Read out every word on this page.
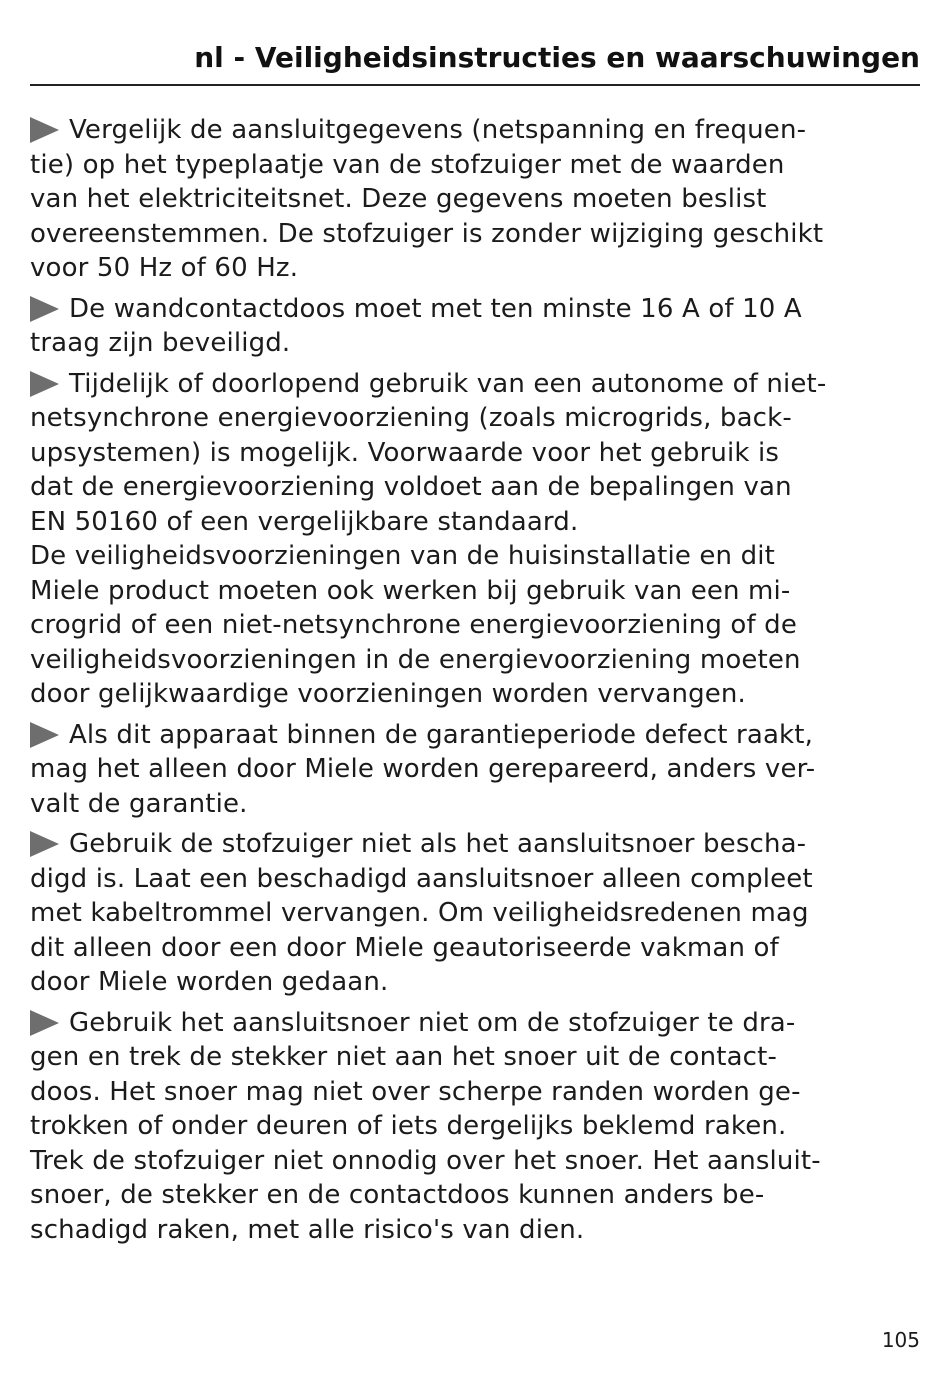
nl - Veiligheidsinstructies en waarschuwingen
Vergelijk de aansluitgegevens (netspanning en frequen-
tie) op het typeplaatje van de stofzuiger met de waarden
van het elektriciteitsnet. Deze gegevens moeten beslist
overeenstemmen. De stofzuiger is zonder wijziging geschikt
voor 50 Hz of 60 Hz.
De wandcontactdoos moet met ten minste 16 A of 10 A
traag zijn beveiligd.
Tijdelijk of doorlopend gebruik van een autonome of niet-
netsynchrone energievoorziening (zoals microgrids, back-
upsystemen) is mogelijk. Voorwaarde voor het gebruik is
dat de energievoorziening voldoet aan de bepalingen van
EN 50160 of een vergelijkbare standaard.
De veiligheidsvoorzieningen van de huisinstallatie en dit
Miele product moeten ook werken bij gebruik van een mi-
crogrid of een niet-netsynchrone energievoorziening of de
veiligheidsvoorzieningen in de energievoorziening moeten
door gelijkwaardige voorzieningen worden vervangen.
Als dit apparaat binnen de garantieperiode defect raakt,
mag het alleen door Miele worden gerepareerd, anders ver-
valt de garantie.
Gebruik de stofzuiger niet als het aansluitsnoer bescha-
digd is. Laat een beschadigd aansluitsnoer alleen compleet
met kabeltrommel vervangen. Om veiligheidsredenen mag
dit alleen door een door Miele geautoriseerde vakman of
door Miele worden gedaan.
Gebruik het aansluitsnoer niet om de stofzuiger te dra-
gen en trek de stekker niet aan het snoer uit de contact-
doos. Het snoer mag niet over scherpe randen worden ge-
trokken of onder deuren of iets dergelijks beklemd raken.
Trek de stofzuiger niet onnodig over het snoer. Het aansluit-
snoer, de stekker en de contactdoos kunnen anders be-
schadigd raken, met alle risico's van dien.
105
